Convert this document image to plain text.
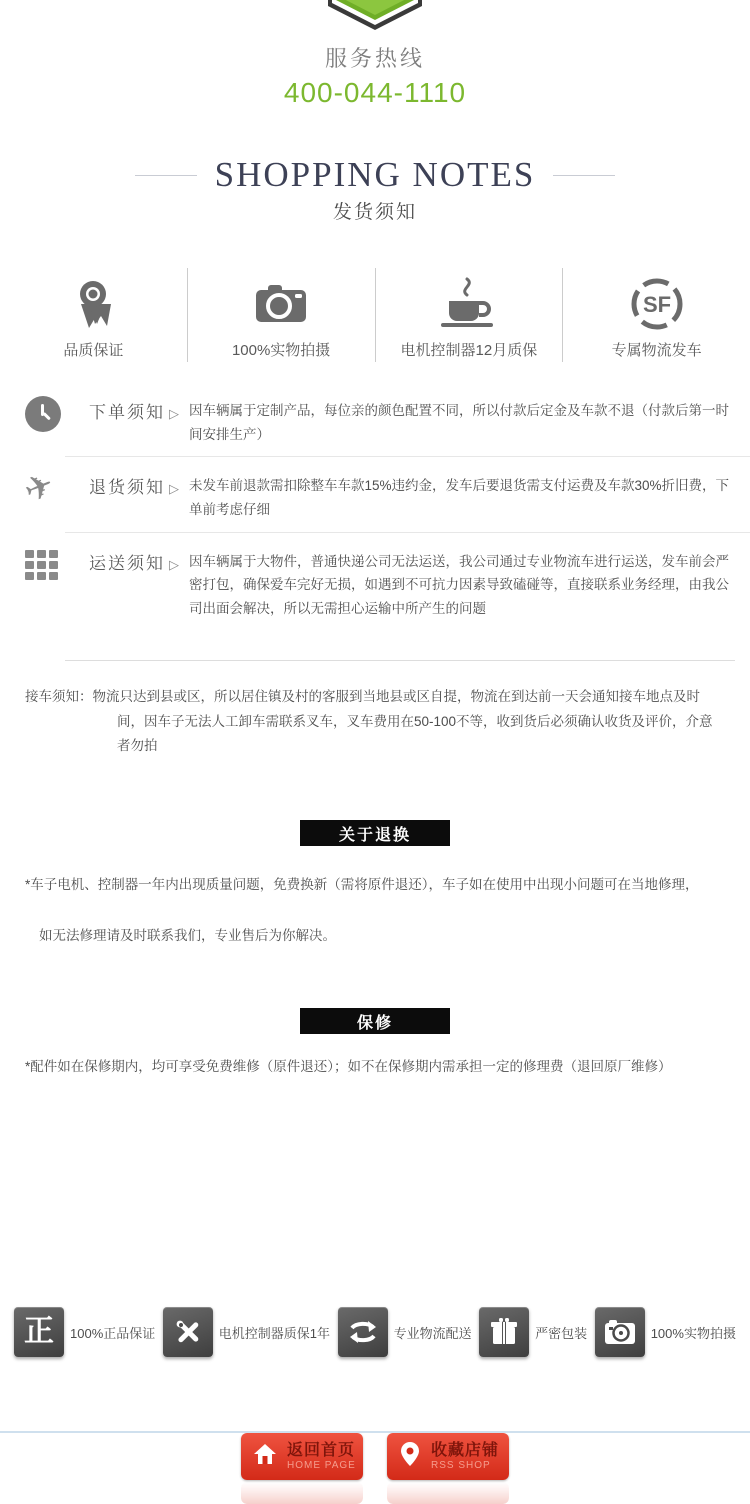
服务热线
400-044-1110
SHOPPING NOTES
发货须知
品质保证	100%实物拍摄	电机控制器12月质保
SF
专属物流发车
下单须知 ▷ 因车辆属于定制产品，每位亲的颜色配置不同，所以付款后定金及车款不退（付款后第一时间安排生产）
✈	退货须知 ▷ 未发车前退款需扣除整车车款15%违约金，发车后要退货需支付运费及车款30%折旧费，下单前考虑仔细
运送须知 ▷ 因车辆属于大物件，普通快递公司无法运送，我公司通过专业物流车进行运送，发车前会严密打包，确保爱车完好无损，如遇到不可抗力因素导致磕碰等，直接联系业务经理，由我公司出面会解决，所以无需担心运输中所产生的问题
接车须知：物流只达到县或区，所以居住镇及村的客服到当地县或区自提，物流在到达前一天会通知接车地点及时间，因车子无法人工卸车需联系叉车，叉车费用在50-100不等，收到货后必须确认收货及评价，介意者勿拍
关于退换

*车子电机、控制器一年内出现质量问题，免费换新（需将原件退还），车子如在使用中出现小问题可在当地修理，

如无法修理请及时联系我们，专业售后为你解决。

保修

*配件如在保修期内，均可享受免费维修（原件退还）；如不在保修期内需承担一定的修理费（退回原厂维修）

正 100%正品保证	电机控制器质保1年	专业物流配送	严密包装	100%实物拍摄
返回首页
HOME PAGE
收藏店铺
RSS SHOP
